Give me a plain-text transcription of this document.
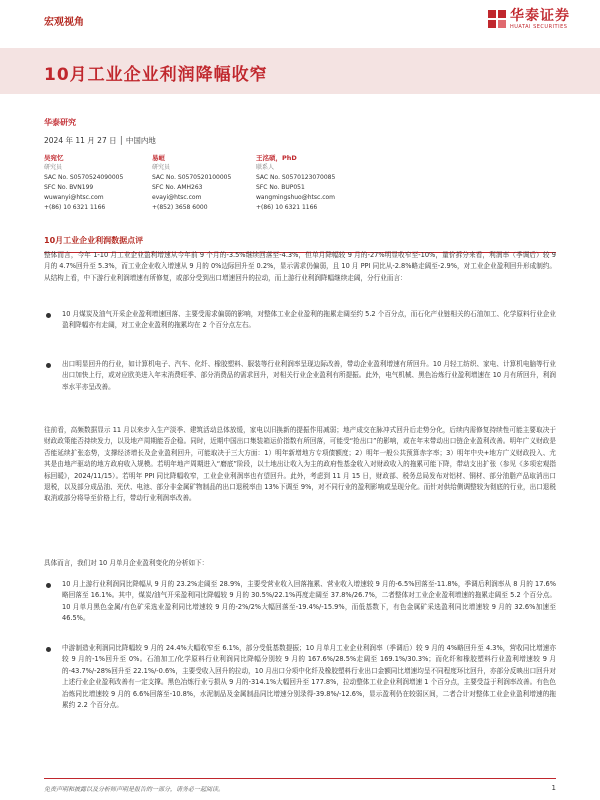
宏观视角	华泰证券
HUATAI SECURITIES
10月工业企业利润降幅收窄
华泰研究
2024 年 11 月 27 日 │ 中国内地
吴宛忆
研究员
SAC No. S0570524090005
SFC No. BVN199
wuwanyi@htsc.com
+(86) 10 6321 1166
易峘
研究员
SAC No. S0570520100005
SFC No. AMH263
evayi@htsc.com
+(852) 3658 6000
王洺硕，PhD
联系人
SAC No. S0570123070085
SFC No. BUP051
wangmingshuo@htsc.com
+(86) 10 6321 1166
10月工业企业利润数据点评
整体而言，今年 1-10 月工业企业盈利增速从今年前 9 个月的-3.5%继续回落至-4.3%，但单月降幅较 9 月的-27%明显收窄至-10%，量价拆分来看，利润率（季调后）较 9 月的 4.7%回升至 5.3%，而工业企业收入增速从 9 月的 0%边际回升至 0.2%，显示需求仍偏弱，且 10 月 PPI 同比从-2.8%略走阔至-2.9%，对工业企业盈利回升形成制约。从结构上看，中下游行业利润增速有所修复，或部分受到出口增速回升的拉动，而上游行业利润降幅继续走阔，分行业而言：
10 月煤炭及油气开采企业盈利增速回落、主要受需求偏弱的影响，对整体工业企业盈利的拖累走阔至约 5.2 个百分点，而石化产业链相关的石油加工、化学原料行业企业盈利降幅亦有走阔，对工业企业盈利的拖累均在 2 个百分点左右。
出口明显回升的行业，如计算机电子、汽车、化纤、橡胶塑料、服装等行业利润率呈现边际改善，带动企业盈利增速有所回升。10 月轻工纺织、家电、计算机电脑等行业出口加快上行，或对应欧美进入年末消费旺季、部分消费品的需求回升，对相关行业企业盈利有所提振。此外，电气机械、黑色冶炼行业盈利增速在 10 月有所回升，利润率水平亦呈改善。
往前看，高频数据显示 11 月以来步入生产淡季、建筑活动总体放缓，家电以旧换新的提振作用减弱；地产成交在脉冲式回升后走势分化，后续内需修复持续性可能主要取决于财政政策能否持续发力，以及地产周期能否企稳。同时，近期中国出口集装箱运价指数有所回落，可能受“抢出口”的影响，或在年末带动出口链企业盈利改善。明年广义财政是否能延续扩张态势，支撑经济增长及企业盈利回升，可能取决于三大方面：1）明年新增地方专项债额度；2）明年一般公共预算赤字率；3）明年中央+地方广义财政投入、尤其是由地产驱动的地方政府收入规模。若明年地产周期进入“磨底”阶段，以土地出让收入为主的政府性基金收入对财政收入的拖累可能下降，带动支出扩张（参见《多项宏观指标回暖》，2024/11/15）。若明年 PPI 同比降幅收窄，工业企业利润率也有望回升。此外，考虑到 11 月 15 日，财政部、税务总局发布对铝材、铜材、部分油脂产品取消出口退税，以及部分成品油、光伏、电池、部分非金属矿物制品的出口退税率由 13%下调至 9%，对不同行业的盈利影响或呈现分化。而针对供给侧调整较为彻底的行业，出口退税取消或部分将导至价格上行，带动行业利润率改善。
具体而言，我们对 10 月单月企业盈利变化的分析如下：
10 月上游行业利润同比降幅从 9 月的 23.2%走阔至 28.9%，主要受营业收入回落拖累、营业收入增速较 9 月的-6.5%回落至-11.8%，季调后利润率从 8 月的 17.6%略回落至 16.1%。其中，煤炭/油气开采盈利同比降幅较 9 月的 30.5%/22.1%再度走阔至 37.8%/26.7%，二者整体对工业企业盈利增速的拖累走阔至 5.2 个百分点。10 月单月黑色金属/有色矿采选业盈利同比增速较 9 月的-2%/2%大幅回落至-19.4%/-15.9%，而低基数下，有色金属矿采选盈利同比增速较 9 月的 32.6%加速至 46.5%。
中游制造业利润同比降幅较 9 月的 24.4%大幅收窄至 6.1%，部分受低基数提振；10 月单月工业企业利润率（季调后）较 9 月的 4%略回升至 4.3%，营收同比增速亦较 9 月的-1%回升至 0%。石油加工/化学原料行业利润同比降幅分别较 9 月的 167.6%/28.5%走阔至 169.1%/30.3%；而化纤和橡胶塑料行业盈利增速较 9 月的-43.7%/-28%回升至 22.1%/-0.6%，主要受收入回升的拉动，10 月出口分项中化纤及橡胶塑料行业出口金额同比增速均呈不同程度环比回升，亦部分反映出口回升对上述行业企业盈利改善有一定支撑。黑色冶炼行业亏损从 9 月的-314.1%大幅回升至 177.8%，拉动整体工业企业利润增速 1 个百分点，主要受益于利润率改善。有色色冶炼同比增速较 9 月的 6.6%回落至-10.8%，水泥制品及金属制品同比增速分别录得-39.8%/-12.6%，显示盈利仍在较弱区间，二者合计对整体工业企业盈利增速的拖累约 2.2 个百分点。
免责声明和披露以及分析师声明是报告的一部分，请务必一起阅读。	1
